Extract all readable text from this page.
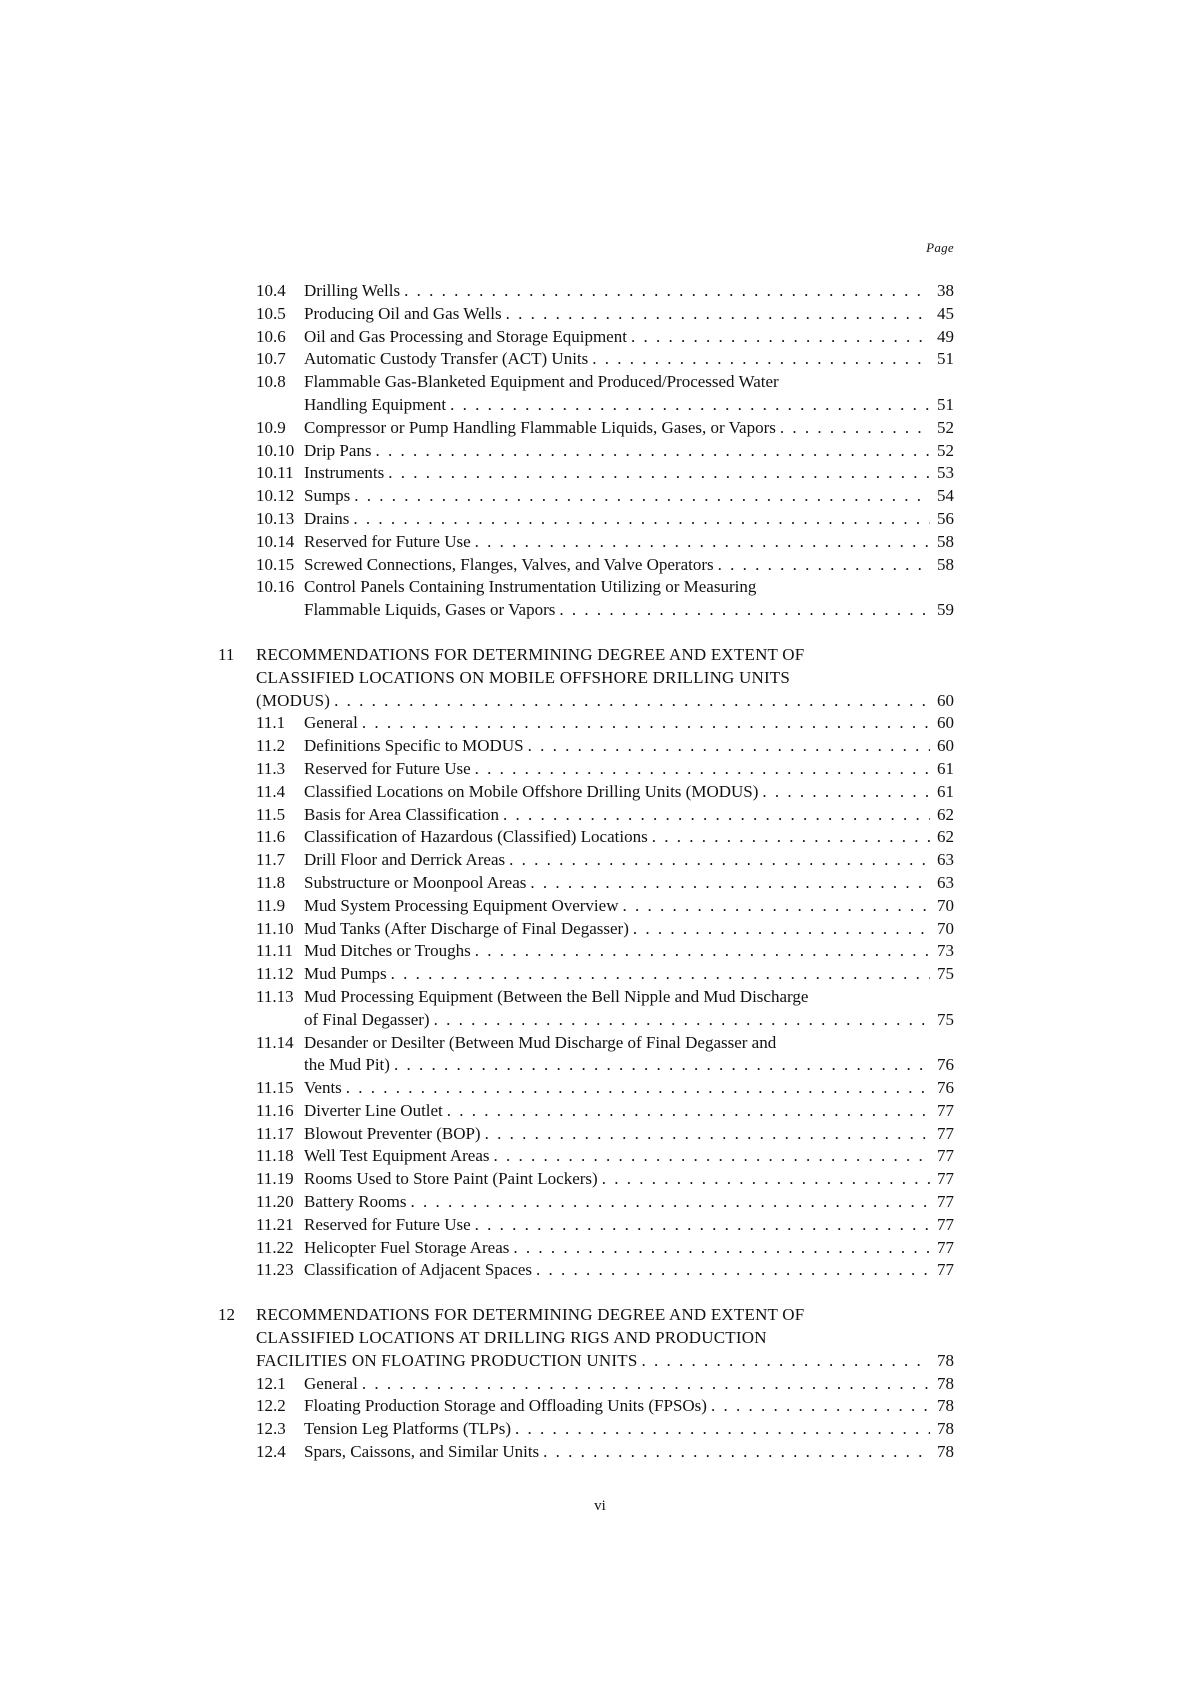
Page
10.4	Drilling Wells . . .	38
10.5	Producing Oil and Gas Wells . . .	45
10.6	Oil and Gas Processing and Storage Equipment . . .	49
10.7	Automatic Custody Transfer (ACT) Units . . .	51
10.8	Flammable Gas-Blanketed Equipment and Produced/Processed Water
Handling Equipment . . .	51
10.9	Compressor or Pump Handling Flammable Liquids, Gases, or Vapors . . .	52
10.10 Drip Pans . . .	52
10.11 Instruments . . .	53
10.12 Sumps . . .	54
10.13 Drains . . .	56
10.14 Reserved for Future Use . . .	58
10.15 Screwed Connections, Flanges, Valves, and Valve Operators . . .	58
10.16 Control Panels Containing Instrumentation Utilizing or Measuring
Flammable Liquids, Gases or Vapors . . .	59
11 RECOMMENDATIONS FOR DETERMINING DEGREE AND EXTENT OF
CLASSIFIED LOCATIONS ON MOBILE OFFSHORE DRILLING UNITS
(MODUS) . . .	60
11.1	General . . .	60
11.2	Definitions Specific to MODUS . . .	60
11.3	Reserved for Future Use . . .	61
11.4	Classified Locations on Mobile Offshore Drilling Units (MODUS) . . .	61
11.5	Basis for Area Classification . . .	62
11.6	Classification of Hazardous (Classified) Locations . . .	62
11.7	Drill Floor and Derrick Areas . . .	63
11.8	Substructure or Moonpool Areas . . .	63
11.9	Mud System Processing Equipment Overview . . .	70
11.10 Mud Tanks (After Discharge of Final Degasser) . . .	70
11.11 Mud Ditches or Troughs . . .	73
11.12 Mud Pumps . . .	75
11.13 Mud Processing Equipment (Between the Bell Nipple and Mud Discharge
of Final Degasser) . . .	75
11.14 Desander or Desilter (Between Mud Discharge of Final Degasser and
the Mud Pit) . . .	76
11.15 Vents . . .	76
11.16 Diverter Line Outlet . . .	77
11.17 Blowout Preventer (BOP) . . .	77
11.18 Well Test Equipment Areas . . .	77
11.19 Rooms Used to Store Paint (Paint Lockers) . . .	77
11.20 Battery Rooms . . .	77
11.21 Reserved for Future Use . . .	77
11.22 Helicopter Fuel Storage Areas . . .	77
11.23 Classification of Adjacent Spaces . . .	77
12 RECOMMENDATIONS FOR DETERMINING DEGREE AND EXTENT OF
CLASSIFIED LOCATIONS AT DRILLING RIGS AND PRODUCTION
FACILITIES ON FLOATING PRODUCTION UNITS . . .	78
12.1	General . . .	78
12.2	Floating Production Storage and Offloading Units (FPSOs) . . .	78
12.3	Tension Leg Platforms (TLPs) . . .	78
12.4	Spars, Caissons, and Similar Units . . .	78
vi
